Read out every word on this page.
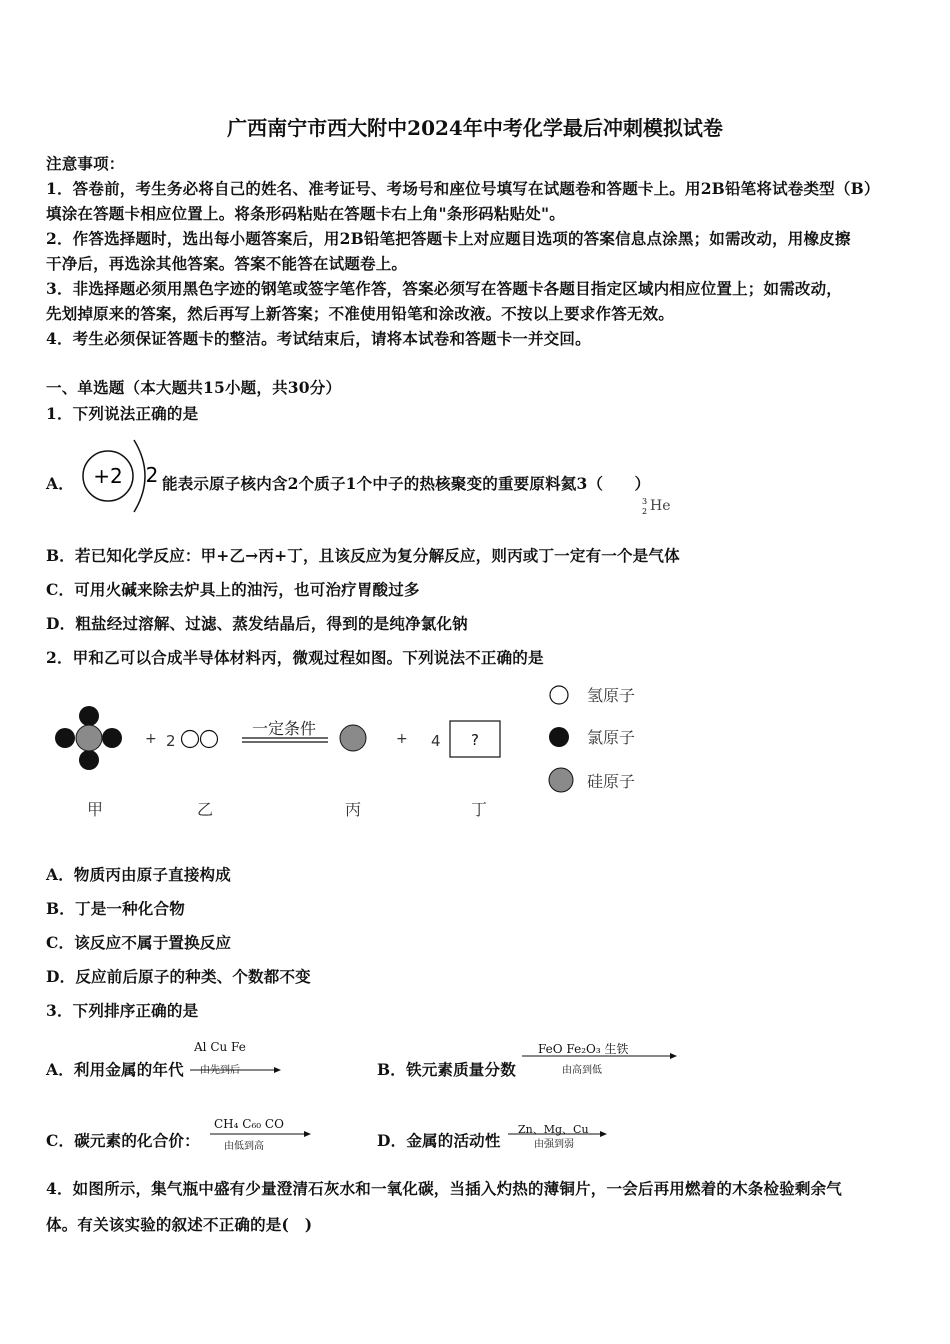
广西南宁市西大附中2024年中考化学最后冲刺模拟试卷
注意事项：
1．答卷前，考生务必将自己的姓名、准考证号、考场号和座位号填写在试题卷和答题卡上。用2B铅笔将试卷类型（B）
填涂在答题卡相应位置上。将条形码粘贴在答题卡右上角"条形码粘贴处"。
2．作答选择题时，选出每小题答案后，用2B铅笔把答题卡上对应题目选项的答案信息点涂黑；如需改动，用橡皮擦
干净后，再选涂其他答案。答案不能答在试题卷上。
3．非选择题必须用黑色字迹的钢笔或签字笔作答，答案必须写在答题卡各题目指定区域内相应位置上；如需改动，
先划掉原来的答案，然后再写上新答案；不准使用铅笔和涂改液。不按以上要求作答无效。
4．考生必须保证答题卡的整洁。考试结束后，请将本试卷和答题卡一并交回。
一、单选题（本大题共15小题，共30分）
1．下列说法正确的是
A． +2 2 能表示原子核内含2个质子1个中子的热核聚变的重要原料氦3（　　）
3
2 He
B．若已知化学反应：甲+乙→丙+丁，且该反应为复分解反应，则丙或丁一定有一个是气体
C．可用火碱来除去炉具上的油污，也可治疗胃酸过多
D．粗盐经过溶解、过滤、蒸发结晶后，得到的是纯净氯化钠
2．甲和乙可以合成半导体材料丙，微观过程如图。下列说法不正确的是
+ 2
一定条件
+ 4 ?
甲	乙	丙	丁
氢原子
氯原子
硅原子
A．物质丙由原子直接构成
B．丁是一种化合物
C．该反应不属于置换反应
D．反应前后原子的种类、个数都不变
3．下列排序正确的是
A．利用金属的年代
Al Cu Fe
由先到后	B．铁元素质量分数
FeO Fe₂O₃ 生铁
由高到低
C．碳元素的化合价：
CH₄ C₆₀ CO
由低到高	D．金属的活动性
Zn、Mg、Cu
由强到弱
4．如图所示，集气瓶中盛有少量澄清石灰水和一氧化碳，当插入灼热的薄铜片，一会后再用燃着的木条检验剩余气
体。有关该实验的叙述不正确的是(　)
